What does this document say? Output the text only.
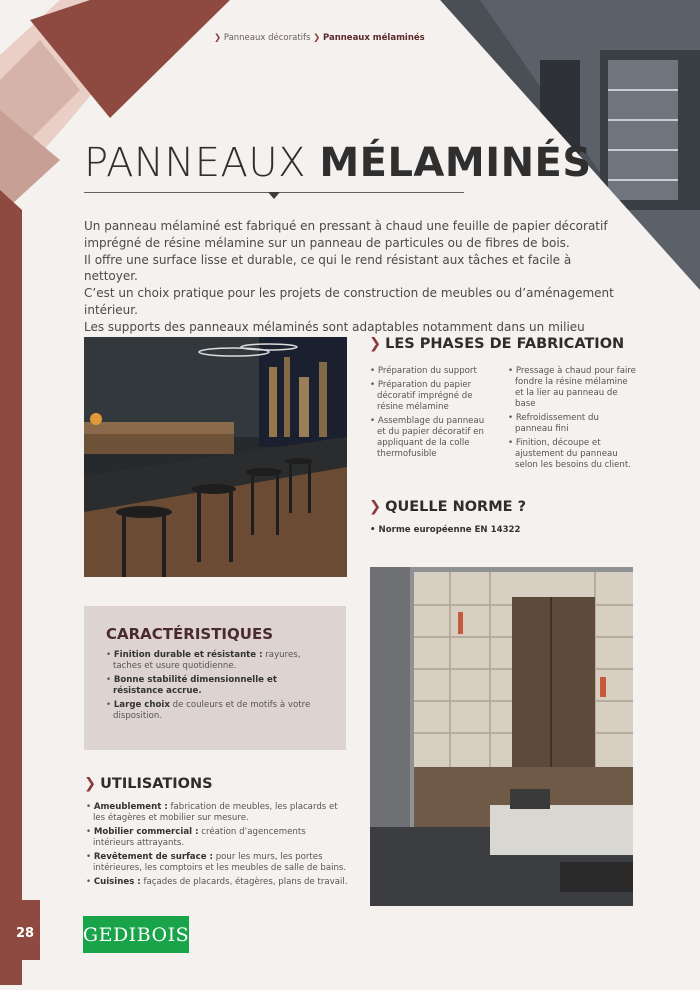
❯ Panneaux décoratifs ❯ Panneaux mélaminés
PANNEAUX MÉLAMINÉS

Un panneau mélaminé est fabriqué en pressant à chaud une feuille de papier décoratif

imprégné de résine mélamine sur un panneau de particules ou de fibres de bois.

Il offre une surface lisse et durable, ce qui le rend résistant aux tâches et facile à nettoyer.

C’est un choix pratique pour les projets de construction de meubles ou d’aménagement intérieur.

Les supports des panneaux mélaminés sont adaptables notamment dans un milieu

❯ LES PHASES DE FABRICATION
• Préparation du support
• Préparation du papier décoratif imprégné de résine mélamine
• Assemblage du panneau et du papier décoratif en appliquant de la colle thermofusible
• Pressage à chaud pour faire fondre la résine mélamine et la lier au panneau de base
• Refroidissement du panneau fini
• Finition, découpe et ajustement du panneau selon les besoins du client.
❯ QUELLE NORME ?
• Norme européenne EN 14322
CARACTÉRISTIQUES
• Finition durable et résistante : rayures, taches et usure quotidienne.
• Bonne stabilité dimensionnelle et résistance accrue.
• Large choix de couleurs et de motifs à votre disposition.
❯ UTILISATIONS
• Ameublement : fabrication de meubles, les placards et les étagères et mobilier sur mesure.
• Mobilier commercial : création d’agencements intérieurs attrayants.
• Revêtement de surface : pour les murs, les portes intérieures, les comptoirs et les meubles de salle de bains.
• Cuisines : façades de placards, étagères, plans de travail.
28	GEDIBOIS
